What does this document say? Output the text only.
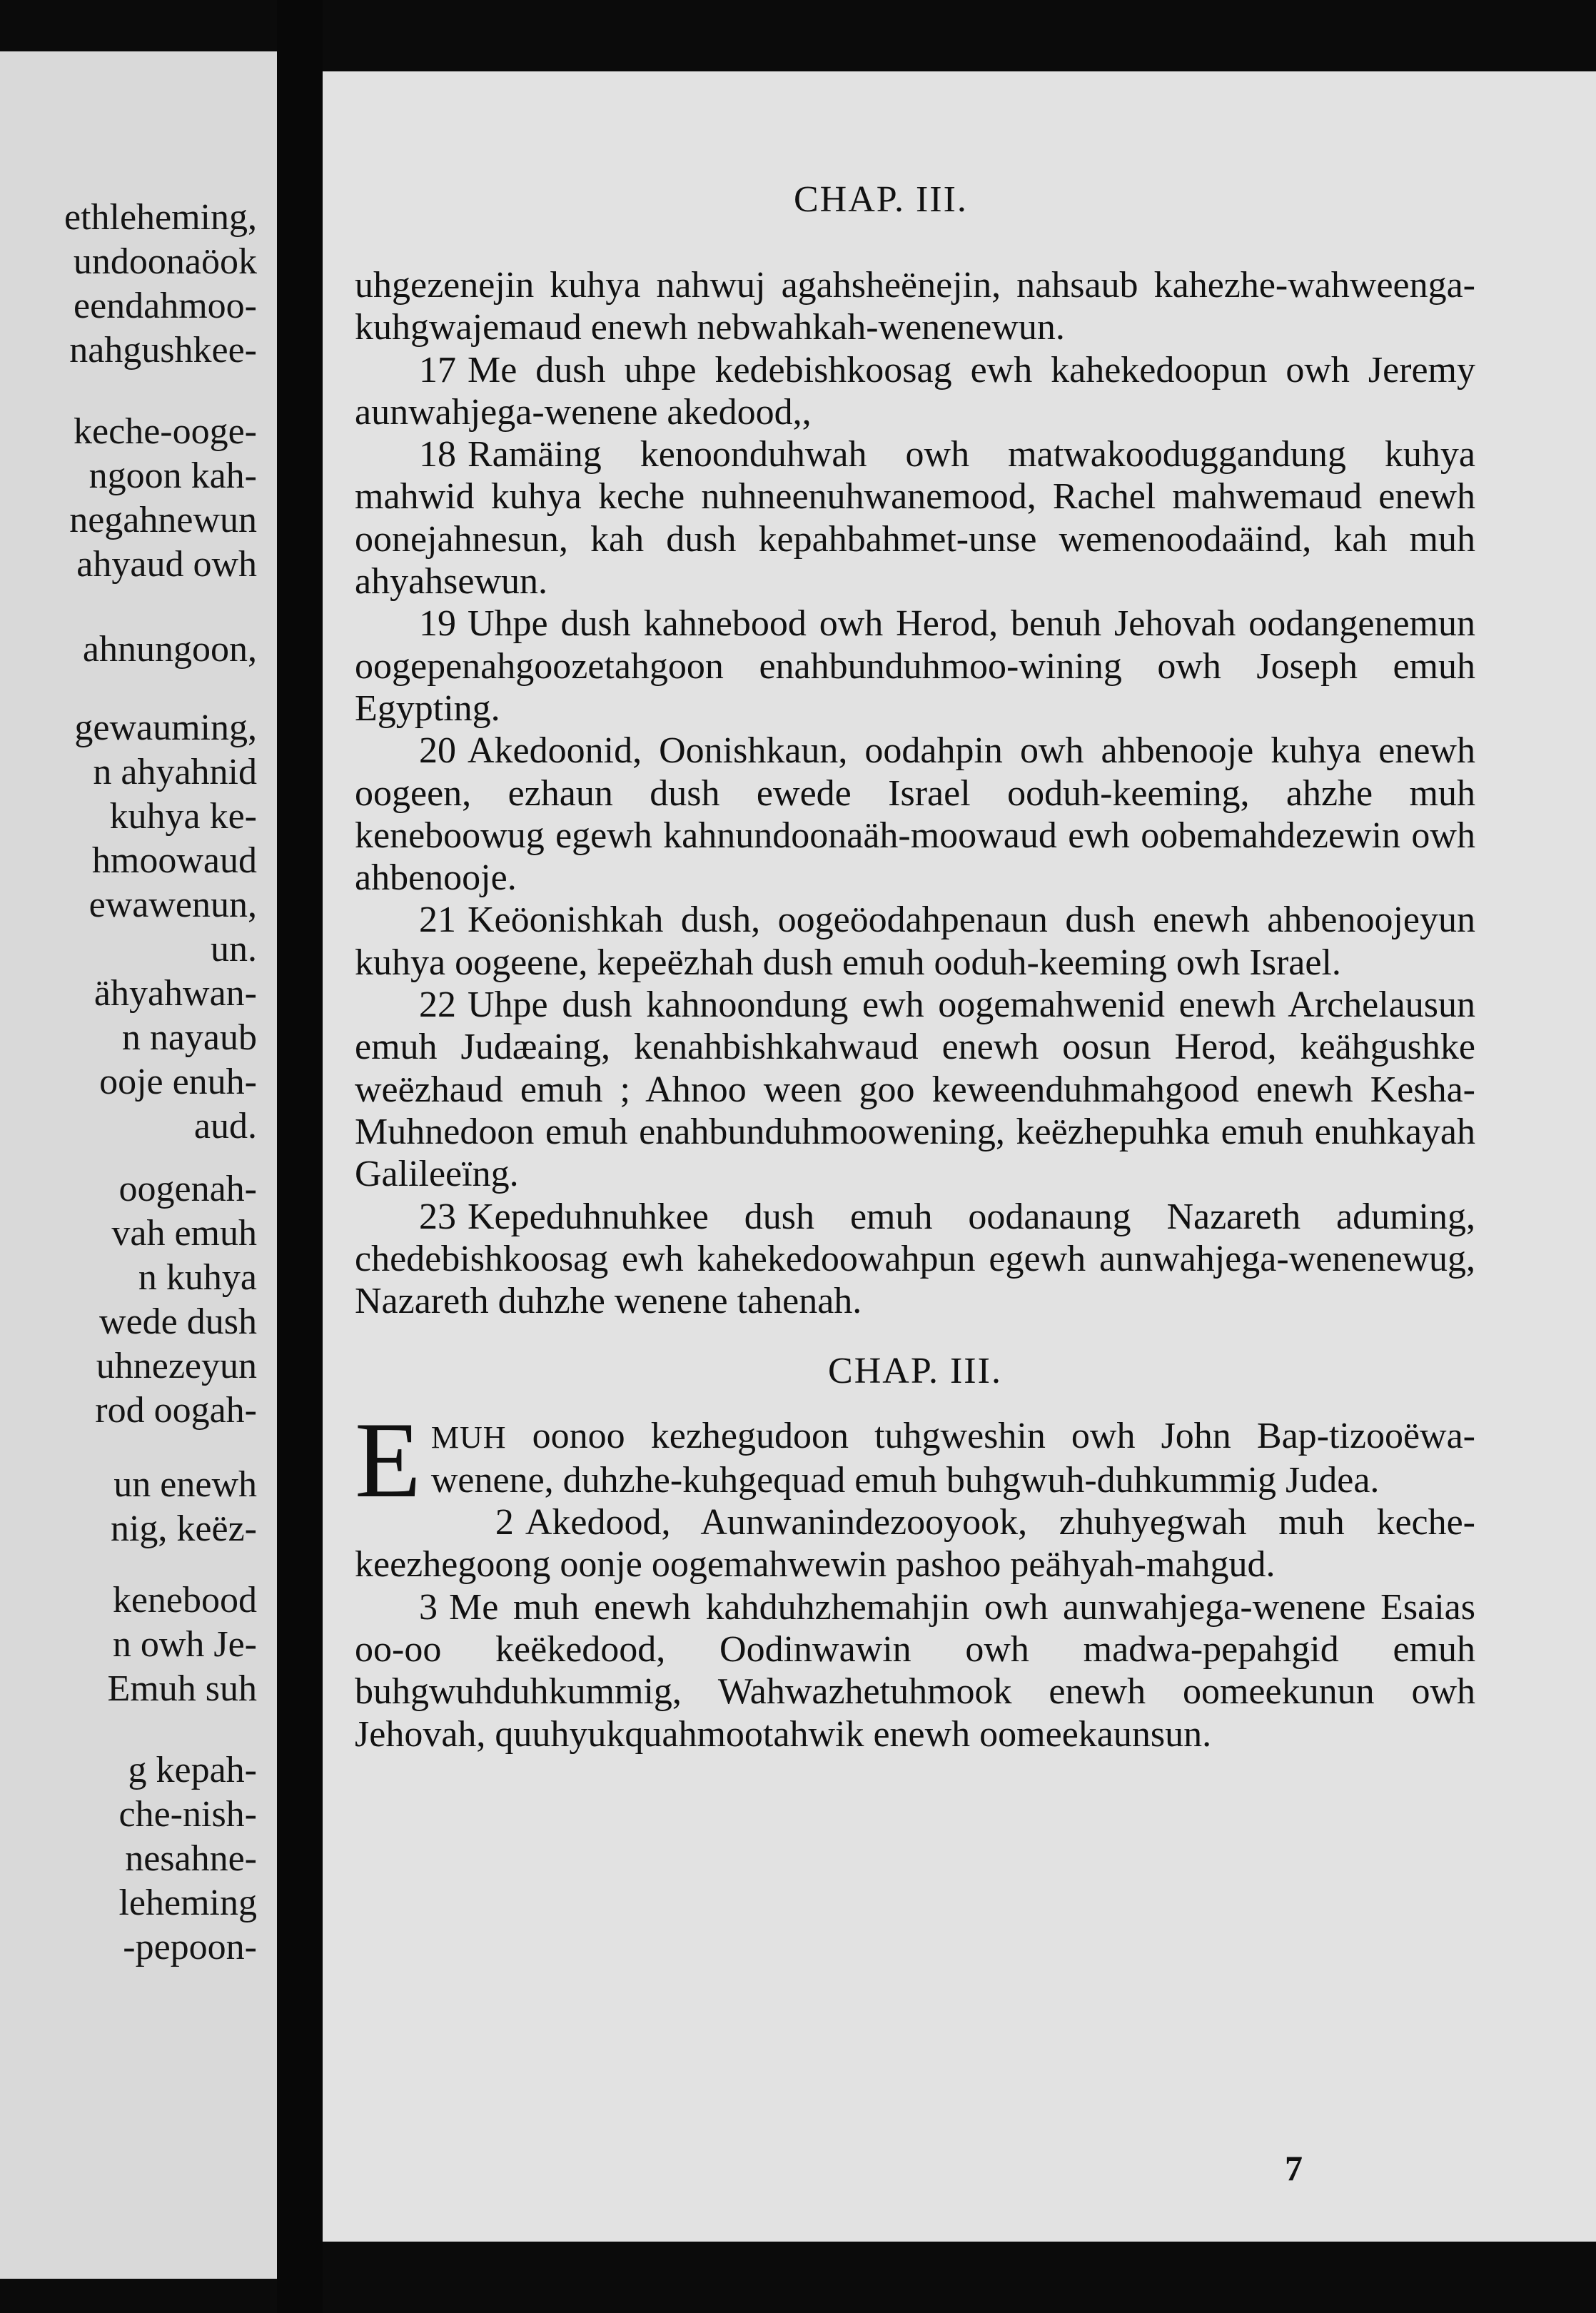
ethleheming,
undoonaöok
eendahmoo-
nahgushkee-
keche-ooge-
ngoon kah-
negahnewun
ahyaud owh
ahnungoon,
gewauming,
n ahyahnid
kuhya ke-
hmoowaud
ewawenun,
un.
ähyahwan-
n nayaub
ooje enuh-
aud.
oogenah-
vah emuh
n kuhya
wede dush
uhnezeyun
rod oogah-
un enewh
nig, keëz-
kenebood
n owh Je-
Emuh suh
g kepah-
che-nish-
nesahne-
leheming
-pepoon-
CHAP. III.

uhgezenejin kuhya nahwuj agahsheënejin, nahsaub kahezhe-wahweenga-kuhgwajemaud enewh nebwahkah-wenenewun.

17 Me dush uhpe kedebishkoosag ewh kahekedoopun owh Jeremy aunwahjega-wenene akedood,,

18 Ramäing kenoonduhwah owh matwakooduggandung kuhya mahwid kuhya keche nuhneenuhwanemood, Rachel mahwemaud enewh oonejahnesun, kah dush kepahbahmet-unse wemenoodaäind, kah muh ahyahsewun.

19 Uhpe dush kahnebood owh Herod, benuh Jehovah oodangenemun oogepenahgoozetahgoon enahbunduhmoo-wining owh Joseph emuh Egypting.

20 Akedoonid, Oonishkaun, oodahpin owh ahbenooje kuhya enewh oogeen, ezhaun dush ewede Israel ooduh-keeming, ahzhe muh keneboowug egewh kahnundoonaäh-moowaud ewh oobemahdezewin owh ahbenooje.

21 Keöonishkah dush, oogeöodahpenaun dush enewh ahbenoojeyun kuhya oogeene, kepeëzhah dush emuh ooduh-keeming owh Israel.

22 Uhpe dush kahnoondung ewh oogemahwenid enewh Archelausun emuh Judæaing, kenahbishkahwaud enewh oosun Herod, keähgushke weëzhaud emuh ; Ahnoo ween goo keweenduhmahgood enewh Kesha-Muhnedoon emuh enahbunduhmoowening, keëzhepuhka emuh enuhkayah Galileeïng.

23 Kepeduhnuhkee dush emuh oodanaung Nazareth aduming, chedebishkoosag ewh kahekedoowahpun egewh aunwahjega-wenenewug, Nazareth duhzhe wenene tahenah.

CHAP. III.

EMUH oonoo kezhegudoon tuhgweshin owh John Bap-tizooëwa-wenene, duhzhe-kuhgequad emuh buhgwuh-duhkummig Judea.

2 Akedood, Aunwanindezooyook, zhuhyegwah muh keche-keezhegoong oonje oogemahwewin pashoo peähyah-mahgud.

3 Me muh enewh kahduhzhemahjin owh aunwahjega-wenene Esaias oo-oo keëkedood, Oodinwawin owh madwa-pepahgid emuh buhgwuhduhkummig, Wahwazhetuhmook enewh oomeekunun owh Jehovah, quuhyukquahmootahwik enewh oomeekaunsun.

7
